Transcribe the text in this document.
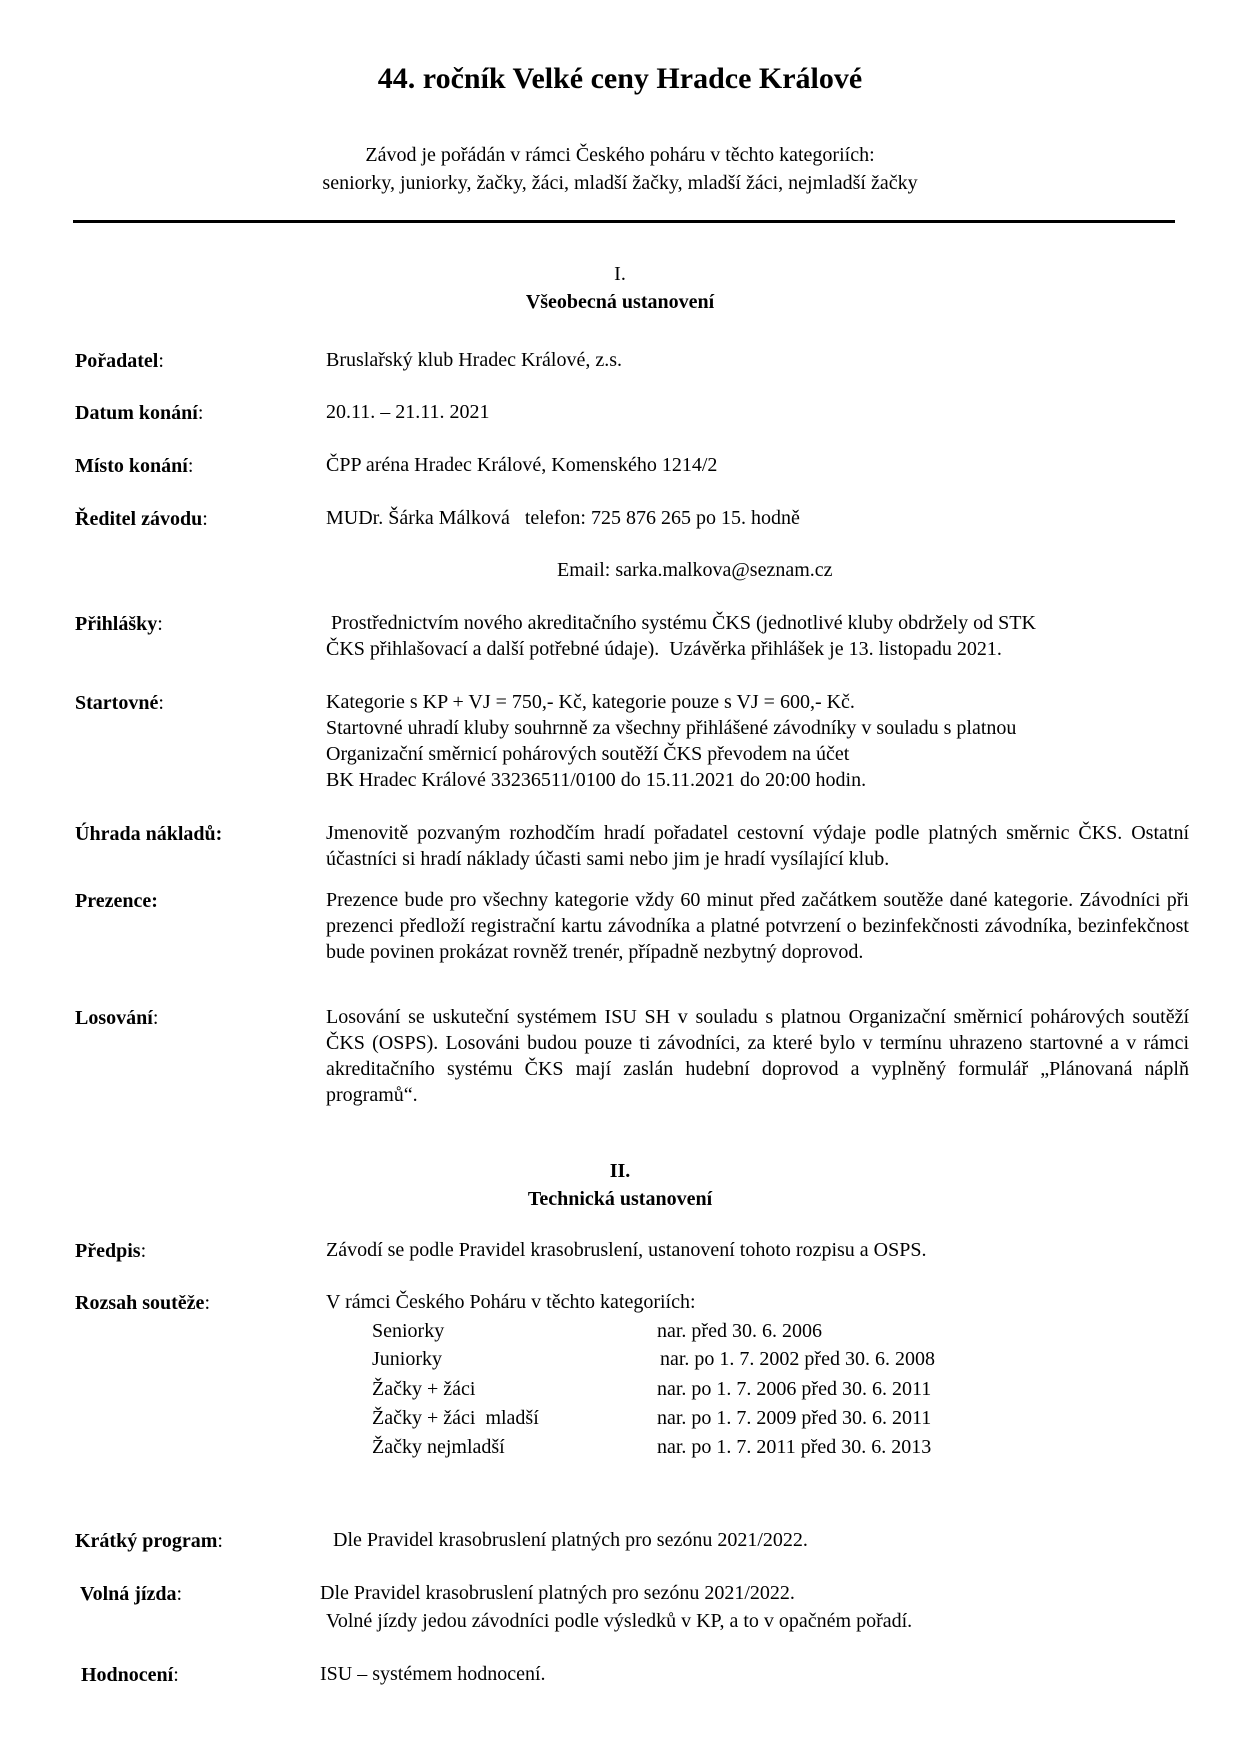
44. ročník Velké ceny Hradce Králové
Závod je pořádán v rámci Českého poháru v těchto kategoriích:
seniorky, juniorky, žačky, žáci, mladší žačky, mladší žáci, nejmladší žačky
I.
Všeobecná ustanovení
Pořadatel:	Bruslařský klub Hradec Králové, z.s.
Datum konání:	20.11. – 21.11. 2021
Místo konání:	ČPP aréna Hradec Králové, Komenského 1214/2
Ředitel závodu:	MUDr. Šárka Málková   telefon: 725 876 265 po 15. hodně
Email: sarka.malkova@seznam.cz
Přihlášky:	Prostřednictvím nového akreditačního systému ČKS (jednotlivé kluby obdržely od STK
ČKS přihlašovací a další potřebné údaje).  Uzávěrka přihlášek je 13. listopadu 2021.
Startovné:	Kategorie s KP + VJ = 750,- Kč, kategorie pouze s VJ = 600,- Kč.
Startovné uhradí kluby souhrnně za všechny přihlášené závodníky v souladu s platnou
Organizační směrnicí pohárových soutěží ČKS převodem na účet
BK Hradec Králové 33236511/0100 do 15.11.2021 do 20:00 hodin.
Úhrada nákladů:	Jmenovitě pozvaným rozhodčím hradí pořadatel cestovní výdaje podle platných směrnic ČKS. Ostatní účastníci si hradí náklady účasti sami nebo jim je hradí vysílající klub.
Prezence:	Prezence bude pro všechny kategorie vždy 60 minut před začátkem soutěže dané kategorie. Závodníci při prezenci předloží registrační kartu závodníka a platné potvrzení o bezinfekčnosti závodníka, bezinfekčnost bude povinen prokázat rovněž trenér, případně nezbytný doprovod.
Losování:	Losování se uskuteční systémem ISU SH v souladu s platnou Organizační směrnicí pohárových soutěží ČKS (OSPS). Losováni budou pouze ti závodníci, za které bylo v termínu uhrazeno startovné a v rámci akreditačního systému ČKS mají zaslán hudební doprovod a vyplněný formulář „Plánovaná náplň programů“.
II.
Technická ustanovení
Předpis:	Závodí se podle Pravidel krasobruslení, ustanovení tohoto rozpisu a OSPS.
Rozsah soutěže:	V rámci Českého Poháru v těchto kategoriích:
Seniorky	nar. před 30. 6. 2006
Juniorky	nar. po 1. 7. 2002 před 30. 6. 2008
Žačky + žáci	nar. po 1. 7. 2006 před 30. 6. 2011
Žačky + žáci  mladší	nar. po 1. 7. 2009 před 30. 6. 2011
Žačky nejmladší	nar. po 1. 7. 2011 před 30. 6. 2013
Krátký program:	Dle Pravidel krasobruslení platných pro sezónu 2021/2022.
Volná jízda:	Dle Pravidel krasobruslení platných pro sezónu 2021/2022.
Volné jízdy jedou závodníci podle výsledků v KP, a to v opačném pořadí.
Hodnocení:	ISU – systémem hodnocení.
